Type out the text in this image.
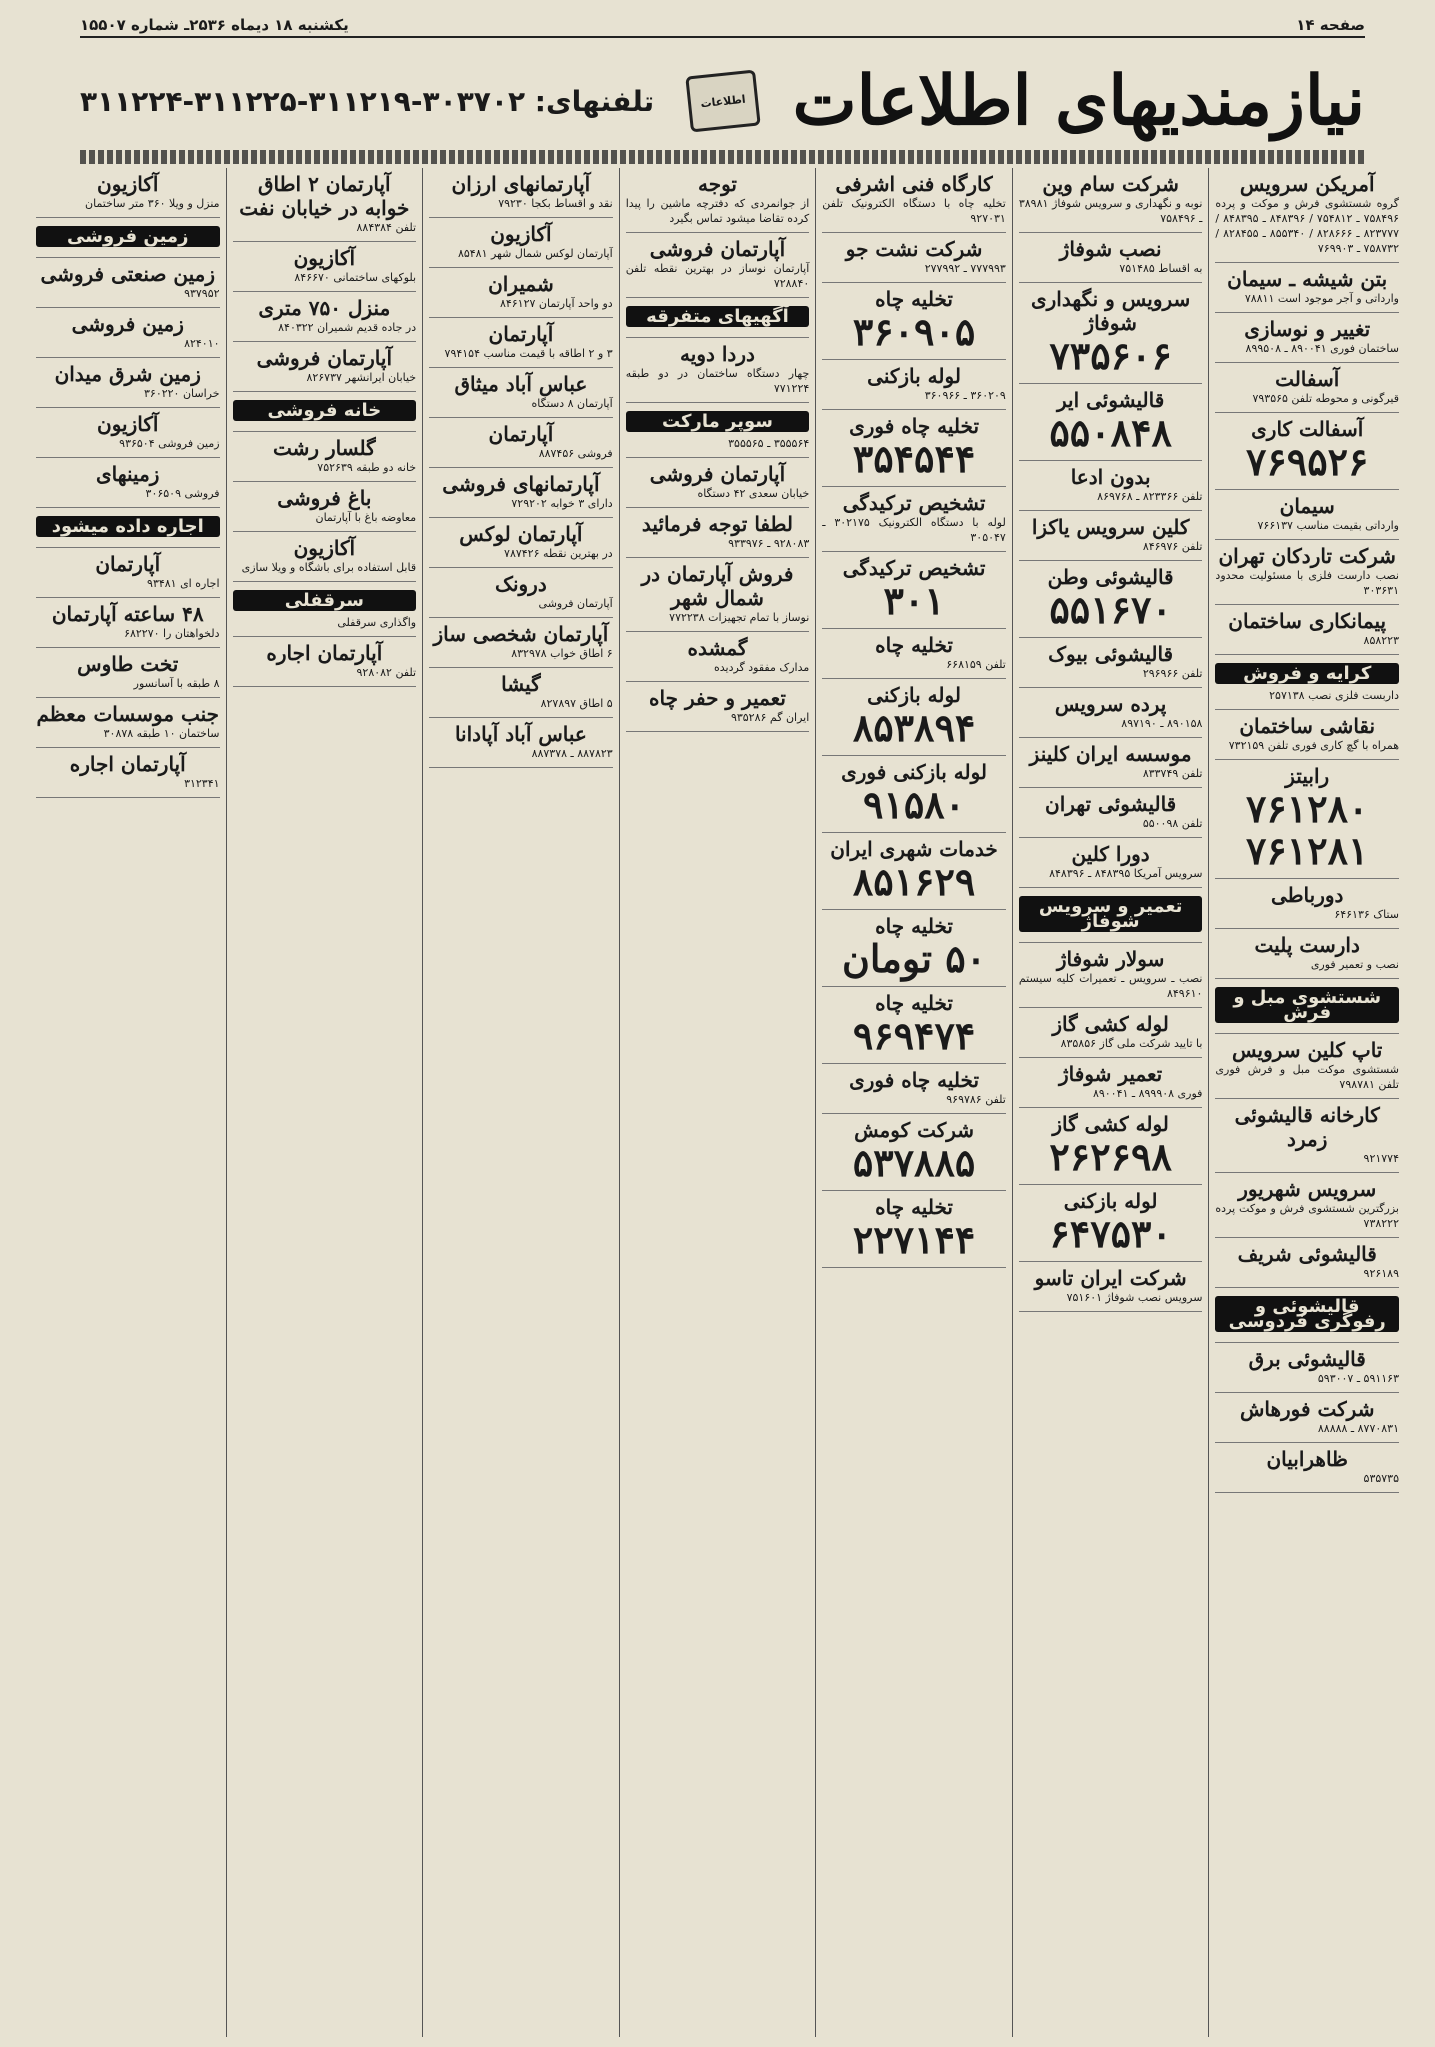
صفحه ۱۴
یکشنبه ۱۸ دیماه ۲۵۳۶ـ شماره ۱۵۵۰۷
نیازمندیهای اطلاعات
اطلاعات
تلفنهای: ۳۰۳۷۰۲-۳۱۱۲۱۹-۳۱۱۲۲۵-۳۱۱۲۲۴
آمریکن سرویس
گروه شستشوی فرش و موکت و پرده ۷۵۸۴۹۶ ـ ۷۵۴۸۱۲ / ۸۴۸۳۹۶ ـ ۸۴۸۳۹۵ / ۸۲۳۷۷۷ ـ ۸۲۸۶۶۶ / ۸۵۵۳۴۰ ـ ۸۲۸۴۵۵ / ۷۵۸۷۳۲ ـ ۷۶۹۹۰۳
بتن شیشه ـ سیمان
وارداتی و آجر موجود است ۷۸۸۱۱
تغییر و نوسازی
ساختمان فوری ۸۹۰۰۴۱ ـ ۸۹۹۵۰۸
آسفالت
قیرگونی و محوطه تلفن ۷۹۳۵۶۵
آسفالت کاری
۷۶۹۵۲۶
سیمان
وارداتی بقیمت مناسب ۷۶۶۱۳۷
شرکت تاردکان تهران
نصب دارست فلزی با مسئولیت محدود ۳۰۳۶۳۱
پیمانکاری ساختمان
۸۵۸۲۲۳
کرایه و فروش
داربست فلزی نصب ۲۵۷۱۳۸
نقاشی ساختمان
همراه با گچ کاری فوری تلفن ۷۳۲۱۵۹
رابیتز
۷۶۱۲۸۰
۷۶۱۲۸۱
دورباطی
ستاک ۶۴۶۱۳۶
دارست پلیت
نصب و تعمیر فوری
شستشوی مبل و فرش
تاپ کلین سرویس
شستشوی موکت مبل و فرش فوری تلفن ۷۹۸۷۸۱
کارخانه قالیشوئی زمرد
۹۲۱۷۷۴
سرویس شهریور
بزرگترین شستشوی فرش و موکت پرده ۷۳۸۲۲۲
قالیشوئی شریف
۹۲۶۱۸۹
قالیشوئی و رفوگری فردوسی
قالیشوئی برق
۵۹۱۱۶۳ ـ ۵۹۳۰۰۷
شرکت فورهاش
۸۷۷۰۸۳۱ ـ ۸۸۸۸۸
ظاهرابیان
۵۳۵۷۳۵
شرکت سام وین
نوبه و نگهداری و سرویس شوفاژ ۳۸۹۸۱ ـ ۷۵۸۴۹۶
نصب شوفاژ
به اقساط ۷۵۱۴۸۵
سرویس و نگهداری شوفاژ
۷۳۵۶۰۶
قالیشوئی ایر
۵۵۰۸۴۸
بدون ادعا
تلفن ۸۲۳۳۶۶ ـ ۸۶۹۷۶۸
کلین سرویس یاکزا
تلفن ۸۴۶۹۷۶
قالیشوئی وطن
۵۵۱۶۷۰
قالیشوئی بیوک
تلفن ۲۹۶۹۶۶
پرده سرویس
۸۹۰۱۵۸ ـ ۸۹۷۱۹۰
موسسه ایران کلینز
تلفن ۸۳۳۷۴۹
قالیشوئی تهران
تلفن ۵۵۰۰۹۸
دورا کلین
سرویس آمریکا ۸۴۸۳۹۵ ـ ۸۴۸۳۹۶
تعمیر و سرویس شوفاژ
سولار شوفاژ
نصب ـ سرویس ـ تعمیرات کلیه سیستم ۸۴۹۶۱۰
لوله کشی گاز
با تایید شرکت ملی گاز ۸۳۵۸۵۶
تعمیر شوفاژ
فوری ۸۹۹۹۰۸ ـ ۸۹۰۰۴۱
لوله کشی گاز
۲۶۲۶۹۸
لوله بازکنی
۶۴۷۵۳۰
شرکت ایران تاسو
سرویس نصب شوفاژ ۷۵۱۶۰۱
کارگاه فنی اشرفی
تخلیه چاه با دستگاه الکترونیک تلفن ۹۲۷۰۳۱
شرکت نشت جو
۷۷۷۹۹۳ ـ ۲۷۷۹۹۲
تخلیه چاه
۳۶۰۹۰۵
لوله بازکنی
۳۶۰۲۰۹ ـ ۳۶۰۹۶۶
تخلیه چاه فوری
۳۵۴۵۴۴
تشخیص ترکیدگی
لوله با دستگاه الکترونیک ۳۰۲۱۷۵ ـ ۳۰۵۰۴۷
تشخیص ترکیدگی
۳۰۱
تخلیه چاه
تلفن ۶۶۸۱۵۹
لوله بازکنی
۸۵۳۸۹۴
لوله بازکنی فوری
۹۱۵۸۰
خدمات شهری ایران
۸۵۱۶۲۹
تخلیه چاه
۵۰ تومان
تخلیه چاه
۹۶۹۴۷۴
تخلیه چاه فوری
تلفن ۹۶۹۷۸۶
شرکت کومش
۵۳۷۸۸۵
تخلیه چاه
۲۲۷۱۴۴
توجه
از جوانمردی که دفترچه ماشین را پیدا کرده تقاضا میشود تماس بگیرد
آپارتمان فروشی
آپارتمان نوساز در بهترین نقطه تلفن ۷۲۸۸۴۰
آگهیهای متفرقه
دردا دویه
چهار دستگاه ساختمان در دو طبقه ۷۷۱۲۲۴
سوپر مارکت
۳۵۵۵۶۴ ـ ۳۵۵۵۶۵
آپارتمان فروشی
خیابان سعدی ۴۲ دستگاه
لطفا توجه فرمائید
۹۲۸۰۸۳ ـ ۹۳۳۹۷۶
فروش آپارتمان در شمال شهر
نوساز با تمام تجهیزات ۷۷۲۲۳۸
گمشده
مدارک مفقود گردیده
تعمیر و حفر چاه
ایران گم ۹۳۵۲۸۶
آپارتمانهای ارزان
نقد و اقساط بکجا ۷۹۲۳۰
آکازیون
آپارتمان لوکس شمال شهر ۸۵۴۸۱
شمیران
دو واحد آپارتمان ۸۴۶۱۲۷
آپارتمان
۳ و ۲ اطاقه با قیمت مناسب ۷۹۴۱۵۴
عباس آباد میثاق
آپارتمان ۸ دستگاه
آپارتمان
فروشی ۸۸۷۴۵۶
آپارتمانهای فروشی
دارای ۳ خوابه ۷۲۹۲۰۲
آپارتمان لوکس
در بهترین نقطه ۷۸۷۴۲۶
درونک
آپارتمان فروشی
آپارتمان شخصی ساز
۶ اطاق خواب ۸۳۲۹۷۸
گیشا
۵ اطاق ۸۲۷۸۹۷
عباس آباد آپادانا
۸۸۷۸۲۳ ـ ۸۸۷۳۷۸
آپارتمان ۲ اطاق خوابه در خیابان نفت
تلفن ۸۸۴۳۸۴
آکازیون
بلوکهای ساختمانی ۸۴۶۶۷۰
منزل ۷۵۰ متری
در جاده قدیم شمیران ۸۴۰۳۲۲
آپارتمان فروشی
خیابان ایرانشهر ۸۲۶۷۳۷
خانه فروشی
گلسار رشت
خانه دو طبقه ۷۵۲۶۳۹
باغ فروشی
معاوضه باغ با آپارتمان
آکازیون
قابل استفاده برای باشگاه و ویلا سازی
سرقفلی
واگذاری سرقفلی
آپارتمان اجاره
تلفن ۹۲۸۰۸۲
آکازیون
منزل و ویلا ۳۶۰ متر ساختمان
زمین فروشی
زمین صنعتی فروشی
۹۳۷۹۵۲
زمین فروشی
۸۲۴۰۱۰
زمین شرق میدان
خراسان ۳۶۰۲۲۰
آکازیون
زمین فروشی ۹۳۶۵۰۴
زمینهای
فروشی ۳۰۶۵۰۹
اجاره داده میشود
آپارتمان
اجاره ای ۹۳۴۸۱
۴۸ ساعته آپارتمان
دلخواهتان را ۶۸۲۲۷۰
تخت طاوس
۸ طبقه با آسانسور
جنب موسسات معظم
ساختمان ۱۰ طبقه ۳۰۸۷۸
آپارتمان اجاره
۳۱۲۳۴۱
